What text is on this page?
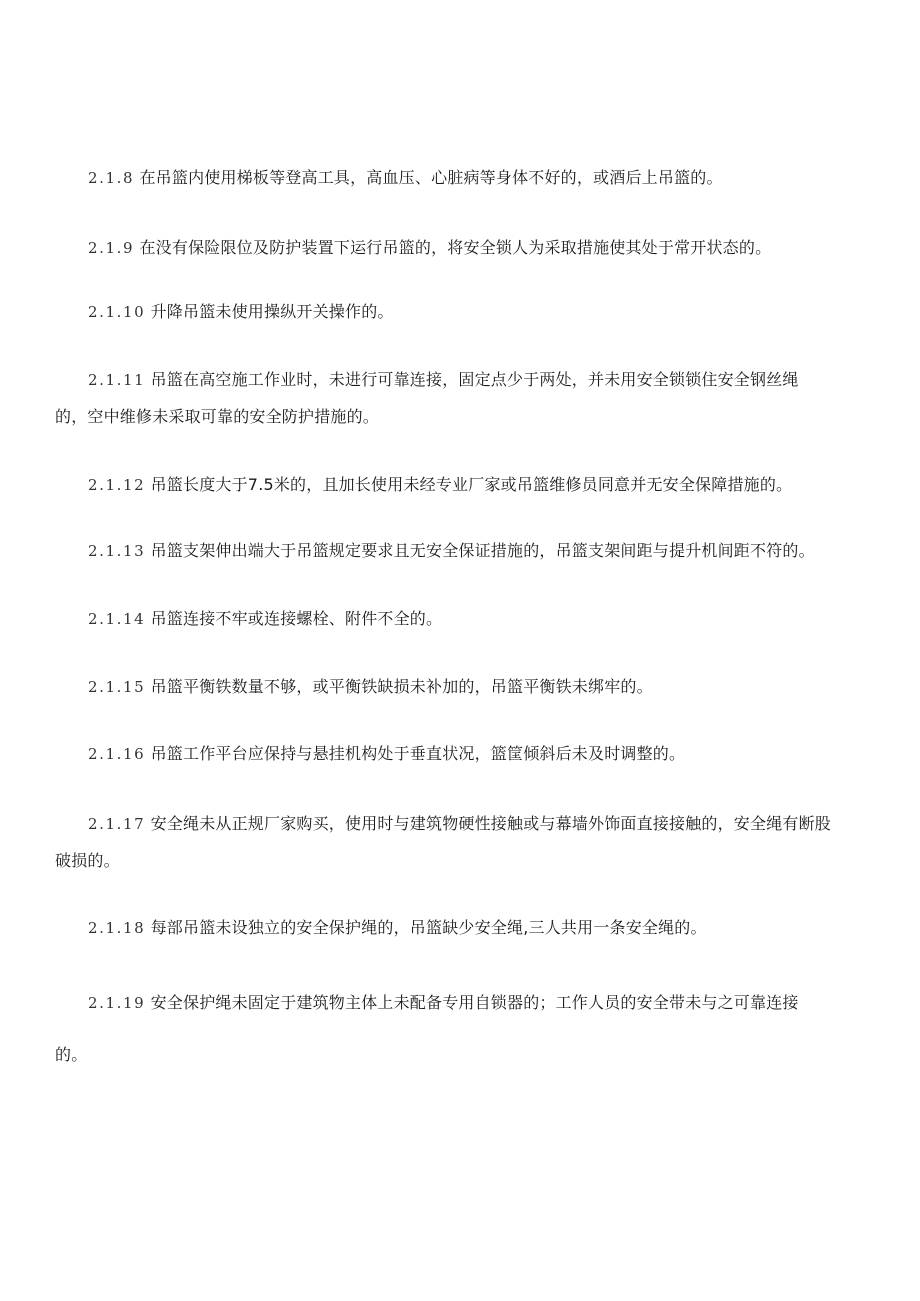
2.1.8 在吊篮内使用梯板等登高工具，高血压、心脏病等身体不好的，或酒后上吊篮的。

2.1.9 在没有保险限位及防护装置下运行吊篮的，将安全锁人为采取措施使其处于常开状态的。

2.1.10 升降吊篮未使用操纵开关操作的。

2.1.11 吊篮在高空施工作业时，未进行可靠连接，固定点少于两处，并未用安全锁锁住安全钢丝绳
的，空中维修未采取可靠的安全防护措施的。

2.1.12 吊篮长度大于7.5米的，且加长使用未经专业厂家或吊篮维修员同意并无安全保障措施的。

2.1.13 吊篮支架伸出端大于吊篮规定要求且无安全保证措施的，吊篮支架间距与提升机间距不符的。

2.1.14 吊篮连接不牢或连接螺栓、附件不全的。

2.1.15 吊篮平衡铁数量不够，或平衡铁缺损未补加的，吊篮平衡铁未绑牢的。

2.1.16 吊篮工作平台应保持与悬挂机构处于垂直状况，篮筐倾斜后未及时调整的。

2.1.17 安全绳未从正规厂家购买，使用时与建筑物硬性接触或与幕墙外饰面直接接触的，安全绳有断股
破损的。

2.1.18 每部吊篮未设独立的安全保护绳的，吊篮缺少安全绳,三人共用一条安全绳的。

2.1.19 安全保护绳未固定于建筑物主体上未配备专用自锁器的；工作人员的安全带未与之可靠连接
的。
